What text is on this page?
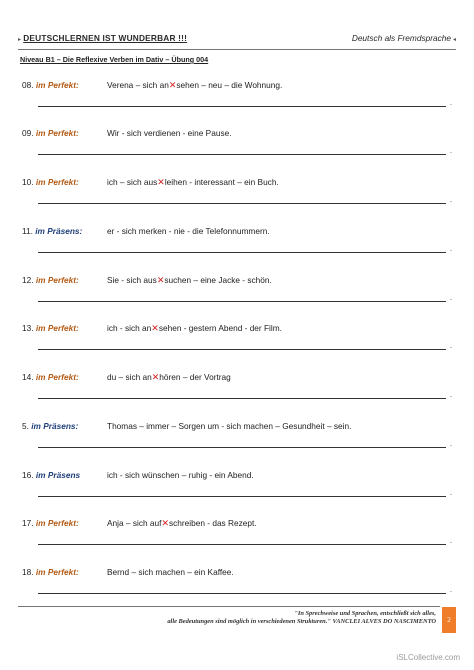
▸ DEUTSCHLERNEN IST WUNDERBAR !!!	Deutsch als Fremdsprache ◂
Niveau B1 – Die Reflexive Verben im Dativ – Übung 004
08. im Perfekt:	Verena – sich an✕sehen – neu – die Wohnung.
.
09. im Perfekt:	Wir - sich verdienen - eine Pause.
.
10. im Perfekt:	ich – sich aus✕leihen - interessant – ein Buch.
.
11. im Präsens:	er - sich merken - nie - die Telefonnummern.
.
12. im Perfekt:	Sie - sich aus✕suchen – eine Jacke - schön.
.
13. im Perfekt:	ich - sich an✕sehen - gestern Abend - der Film.
.
14. im Perfekt:	du – sich an✕hören – der Vortrag
.
5. im Präsens:	Thomas – immer – Sorgen um - sich machen – Gesundheit – sein.
.
16. im Präsens	ich - sich wünschen – ruhig - ein Abend.
.
17. im Perfekt:	Anja – sich auf✕schreiben - das Rezept.
.
18. im Perfekt:	Bernd – sich machen – ein Kaffee.
.
"In Sprechweise und Sprachen, entschließt sich alles,
alle Bedeutungen sind möglich in verschiedenen Strukturen." VANCLEI ALVES DO NASCIMENTO	2
iSLCollective.com
